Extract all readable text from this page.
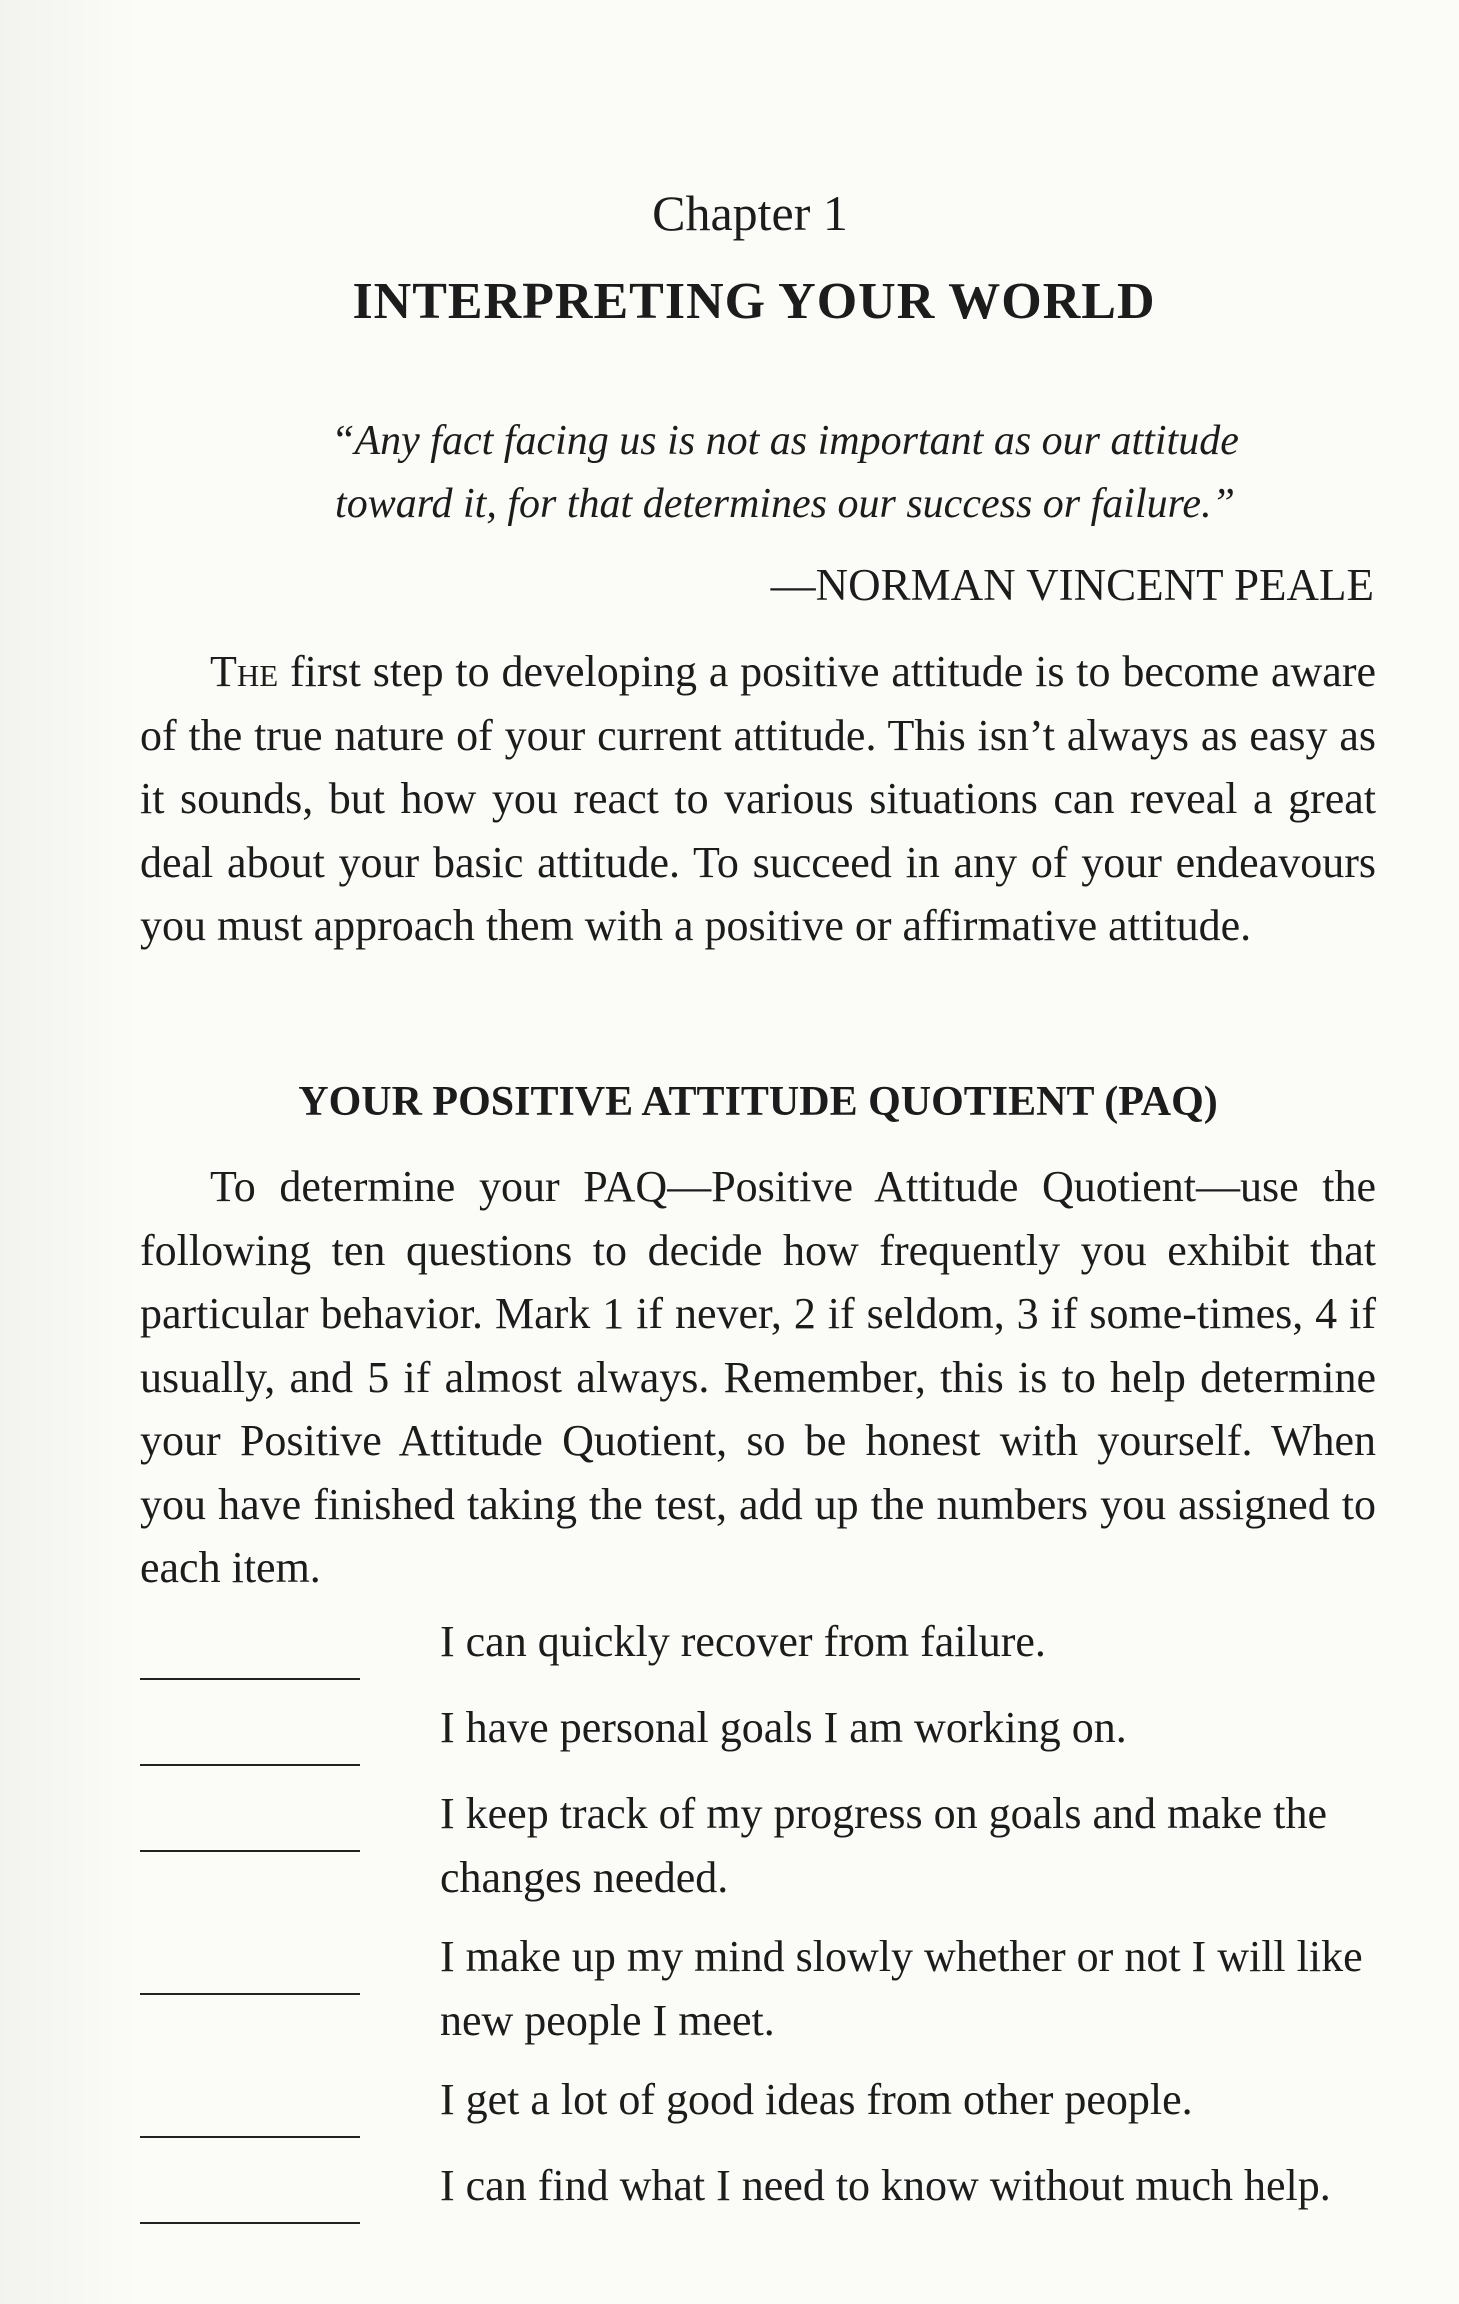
Chapter 1
INTERPRETING YOUR WORLD
“Any fact facing us is not as important as our attitude
toward it, for that determines our success or failure.”
—NORMAN VINCENT PEALE

The first step to developing a positive attitude is to become aware of the true nature of your current attitude. This isn’t always as easy as it sounds, but how you react to various situations can reveal a great deal about your basic attitude. To succeed in any of your endeavours you must approach them with a positive or affirmative attitude.

YOUR POSITIVE ATTITUDE QUOTIENT (PAQ)

To determine your PAQ—Positive Attitude Quotient—use the following ten questions to decide how frequently you exhibit that particular behavior. Mark 1 if never, 2 if seldom, 3 if some-times, 4 if usually, and 5 if almost always. Remember, this is to help determine your Positive Attitude Quotient, so be honest with yourself. When you have finished taking the test, add up the numbers you assigned to each item.

I can quickly recover from failure.
I have personal goals I am working on.
I keep track of my progress on goals and make the changes needed.
I make up my mind slowly whether or not I will like new people I meet.
I get a lot of good ideas from other people.
I can find what I need to know without much help.
